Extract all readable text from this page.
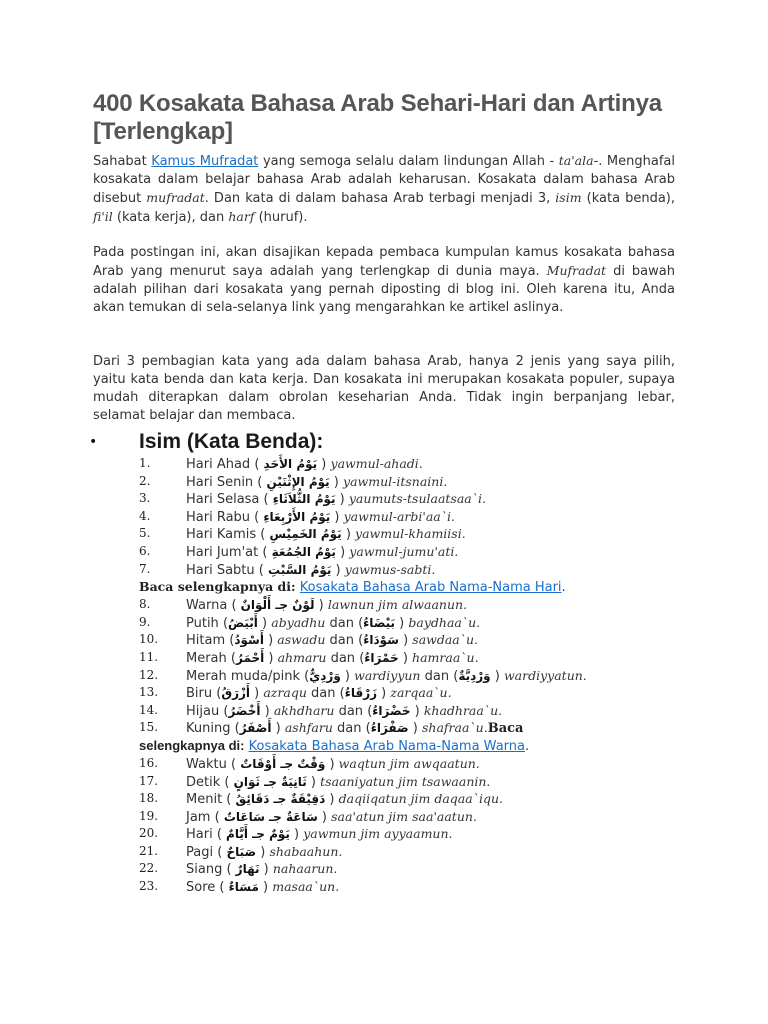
400 Kosakata Bahasa Arab Sehari-Hari dan Artinya [Terlengkap]

Sahabat Kamus Mufradat yang semoga selalu dalam lindungan Allah - ta'ala-. Menghafal kosakata dalam belajar bahasa Arab adalah keharusan. Kosakata dalam bahasa Arab disebut mufradat. Dan kata di dalam bahasa Arab terbagi menjadi 3, isim (kata benda), fi'il (kata kerja), dan harf (huruf).

Pada postingan ini, akan disajikan kepada pembaca kumpulan kamus kosakata bahasa Arab yang menurut saya adalah yang terlengkap di dunia maya. Mufradat di bawah adalah pilihan dari kosakata yang pernah diposting di blog ini. Oleh karena itu, Anda akan temukan di sela-selanya link yang mengarahkan ke artikel aslinya.

Dari 3 pembagian kata yang ada dalam bahasa Arab, hanya 2 jenis yang saya pilih, yaitu kata benda dan kata kerja. Dan kosakata ini merupakan kosakata populer, supaya mudah diterapkan dalam obrolan keseharian Anda. Tidak ingin berpanjang lebar, selamat belajar dan membaca.

• Isim (Kata Benda):
1.	Hari Ahad ( يَوْمُ الأَحَدِ ) yawmul-ahadi.
2.	Hari Senin ( يَوْمُ الإِثْنَيْنِ ) yawmul-itsnaini.
3.	Hari Selasa ( يَوْمُ الثُّلاَثَاءِ ) yaumuts-tsulaatsaa`i.
4.	Hari Rabu ( يَوْمُ الأَرْبِعَاءِ ) yawmul-arbi'aa`i.
5.	Hari Kamis ( يَوْمُ الخَمِيْسِ ) yawmul-khamiisi.
6.	Hari Jum'at ( يَوْمُ الجُمُعَةِ ) yawmul-jumu'ati.
7.	Hari Sabtu ( يَوْمُ السَّبْتِ ) yawmus-sabti.
Baca selengkapnya di: Kosakata Bahasa Arab Nama-Nama Hari.
8.	Warna ( لَوْنٌ جـ أَلْوَانٌ ) lawnun jim alwaanun.
9.	Putih (أَبْيَضُ ) abyadhu dan (بَيْضَاءُ ) baydhaa`u.
10.	Hitam (أَسْوَدُ ) aswadu dan (سَوْدَاءُ ) sawdaa`u.
11.	Merah (أَحْمَرُ ) ahmaru dan (حَمْرَاءُ ) hamraa`u.
12.	Merah muda/pink (وَرْدِيٌّ ) wardiyyun dan (وَرْدِيَّةٌ ) wardiyyatun.
13.	Biru (أَزْرَقُ ) azraqu dan (زَرْقَاءُ ) zarqaa`u.
14.	Hijau (أَخْضَرُ ) akhdharu dan (خَضْرَاءُ ) khadhraa`u.
15.	Kuning (أَصْفَرُ ) ashfaru dan (صَفْرَاءُ ) shafraa`u.Baca
selengkapnya di: Kosakata Bahasa Arab Nama-Nama Warna.
16.	Waktu ( وَقْتٌ جـ أَوْقَاتٌ ) waqtun jim awqaatun.
17.	Detik ( ثَانِيَةٌ جـ ثَوَانٍ ) tsaaniyatun jim tsawaanin.
18.	Menit ( دَقِيْقَةٌ جـ دَقَائِقُ ) daqiiqatun jim daqaa`iqu.
19.	Jam ( سَاعَةٌ جـ سَاعَاتٌ ) saa'atun jim saa'aatun.
20.	Hari ( يَوْمٌ جـ أَيَّامٌ ) yawmun jim ayyaamun.
21.	Pagi ( صَبَاحٌ ) shabaahun.
22.	Siang ( نَهَارٌ ) nahaarun.
23.	Sore ( مَسَاءٌ ) masaa`un.
